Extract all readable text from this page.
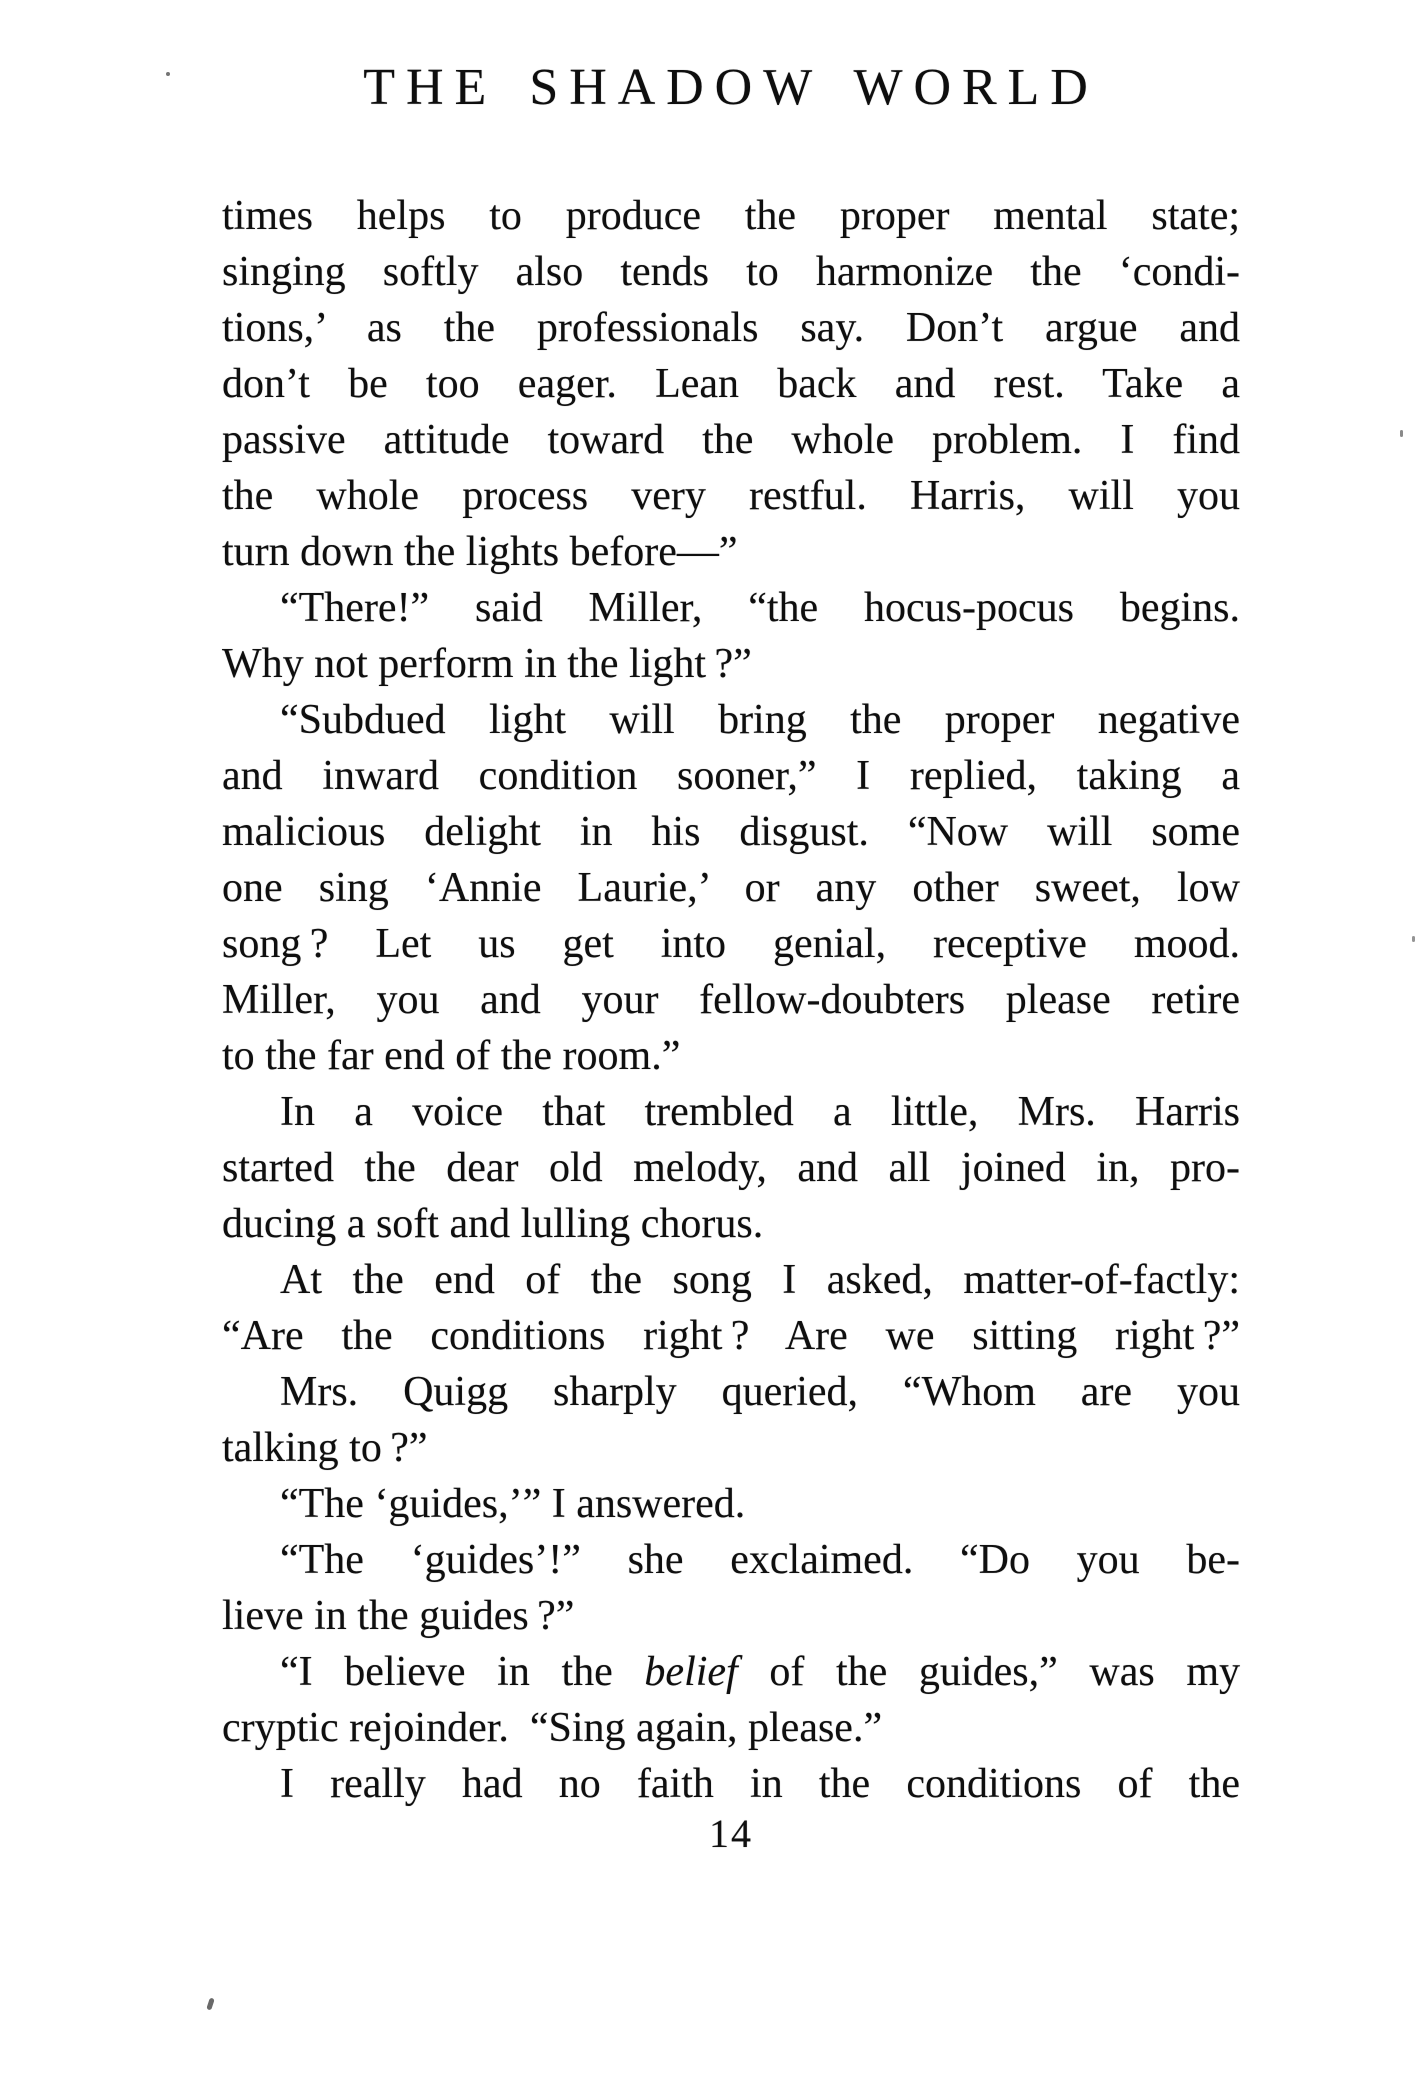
THE SHADOW WORLD
times helps to produce the proper mental state;
singing softly also tends to harmonize the ‘condi-
tions,’ as the professionals say. Don’t argue and
don’t be too eager. Lean back and rest. Take a
passive attitude toward the whole problem. I find
the whole process very restful. Harris, will you
turn down the lights before—”
“There!” said Miller, “the hocus-pocus begins.
Why not perform in the light ?”
“Subdued light will bring the proper negative
and inward condition sooner,” I replied, taking a
malicious delight in his disgust. “Now will some
one sing ‘Annie Laurie,’ or any other sweet, low
song ? Let us get into genial, receptive mood.
Miller, you and your fellow-doubters please retire
to the far end of the room.”
In a voice that trembled a little, Mrs. Harris
started the dear old melody, and all joined in, pro-
ducing a soft and lulling chorus.
At the end of the song I asked, matter-of-factly:
“Are the conditions right ? Are we sitting right ?”
Mrs. Quigg sharply queried, “Whom are you
talking to ?”
“The ‘guides,’” I answered.
“The ‘guides’!” she exclaimed. “Do you be-
lieve in the guides ?”
“I believe in the belief of the guides,” was my
cryptic rejoinder. “Sing again, please.”
I really had no faith in the conditions of the
14
